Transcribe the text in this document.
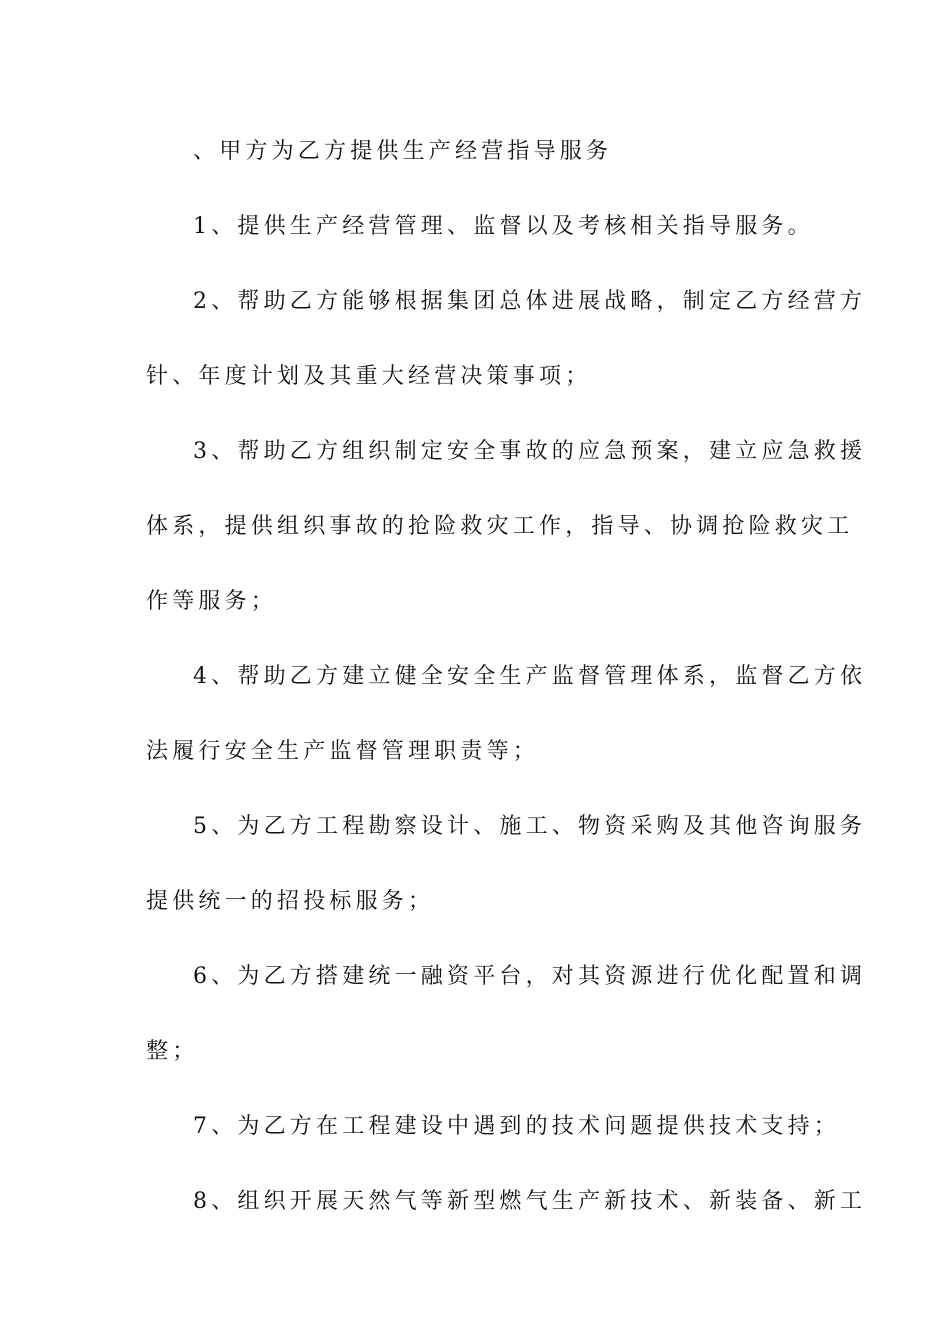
、甲方为乙方提供生产经营指导服务
1、提供生产经营管理、监督以及考核相关指导服务。
2、帮助乙方能够根据集团总体进展战略，制定乙方经营方
针、年度计划及其重大经营决策事项；
3、帮助乙方组织制定安全事故的应急预案，建立应急救援
体系，提供组织事故的抢险救灾工作，指导、协调抢险救灾工
作等服务；
4、帮助乙方建立健全安全生产监督管理体系，监督乙方依
法履行安全生产监督管理职责等；
5、为乙方工程勘察设计、施工、物资采购及其他咨询服务
提供统一的招投标服务；
6、为乙方搭建统一融资平台，对其资源进行优化配置和调
整；
7、为乙方在工程建设中遇到的技术问题提供技术支持；
8、组织开展天然气等新型燃气生产新技术、新装备、新工
